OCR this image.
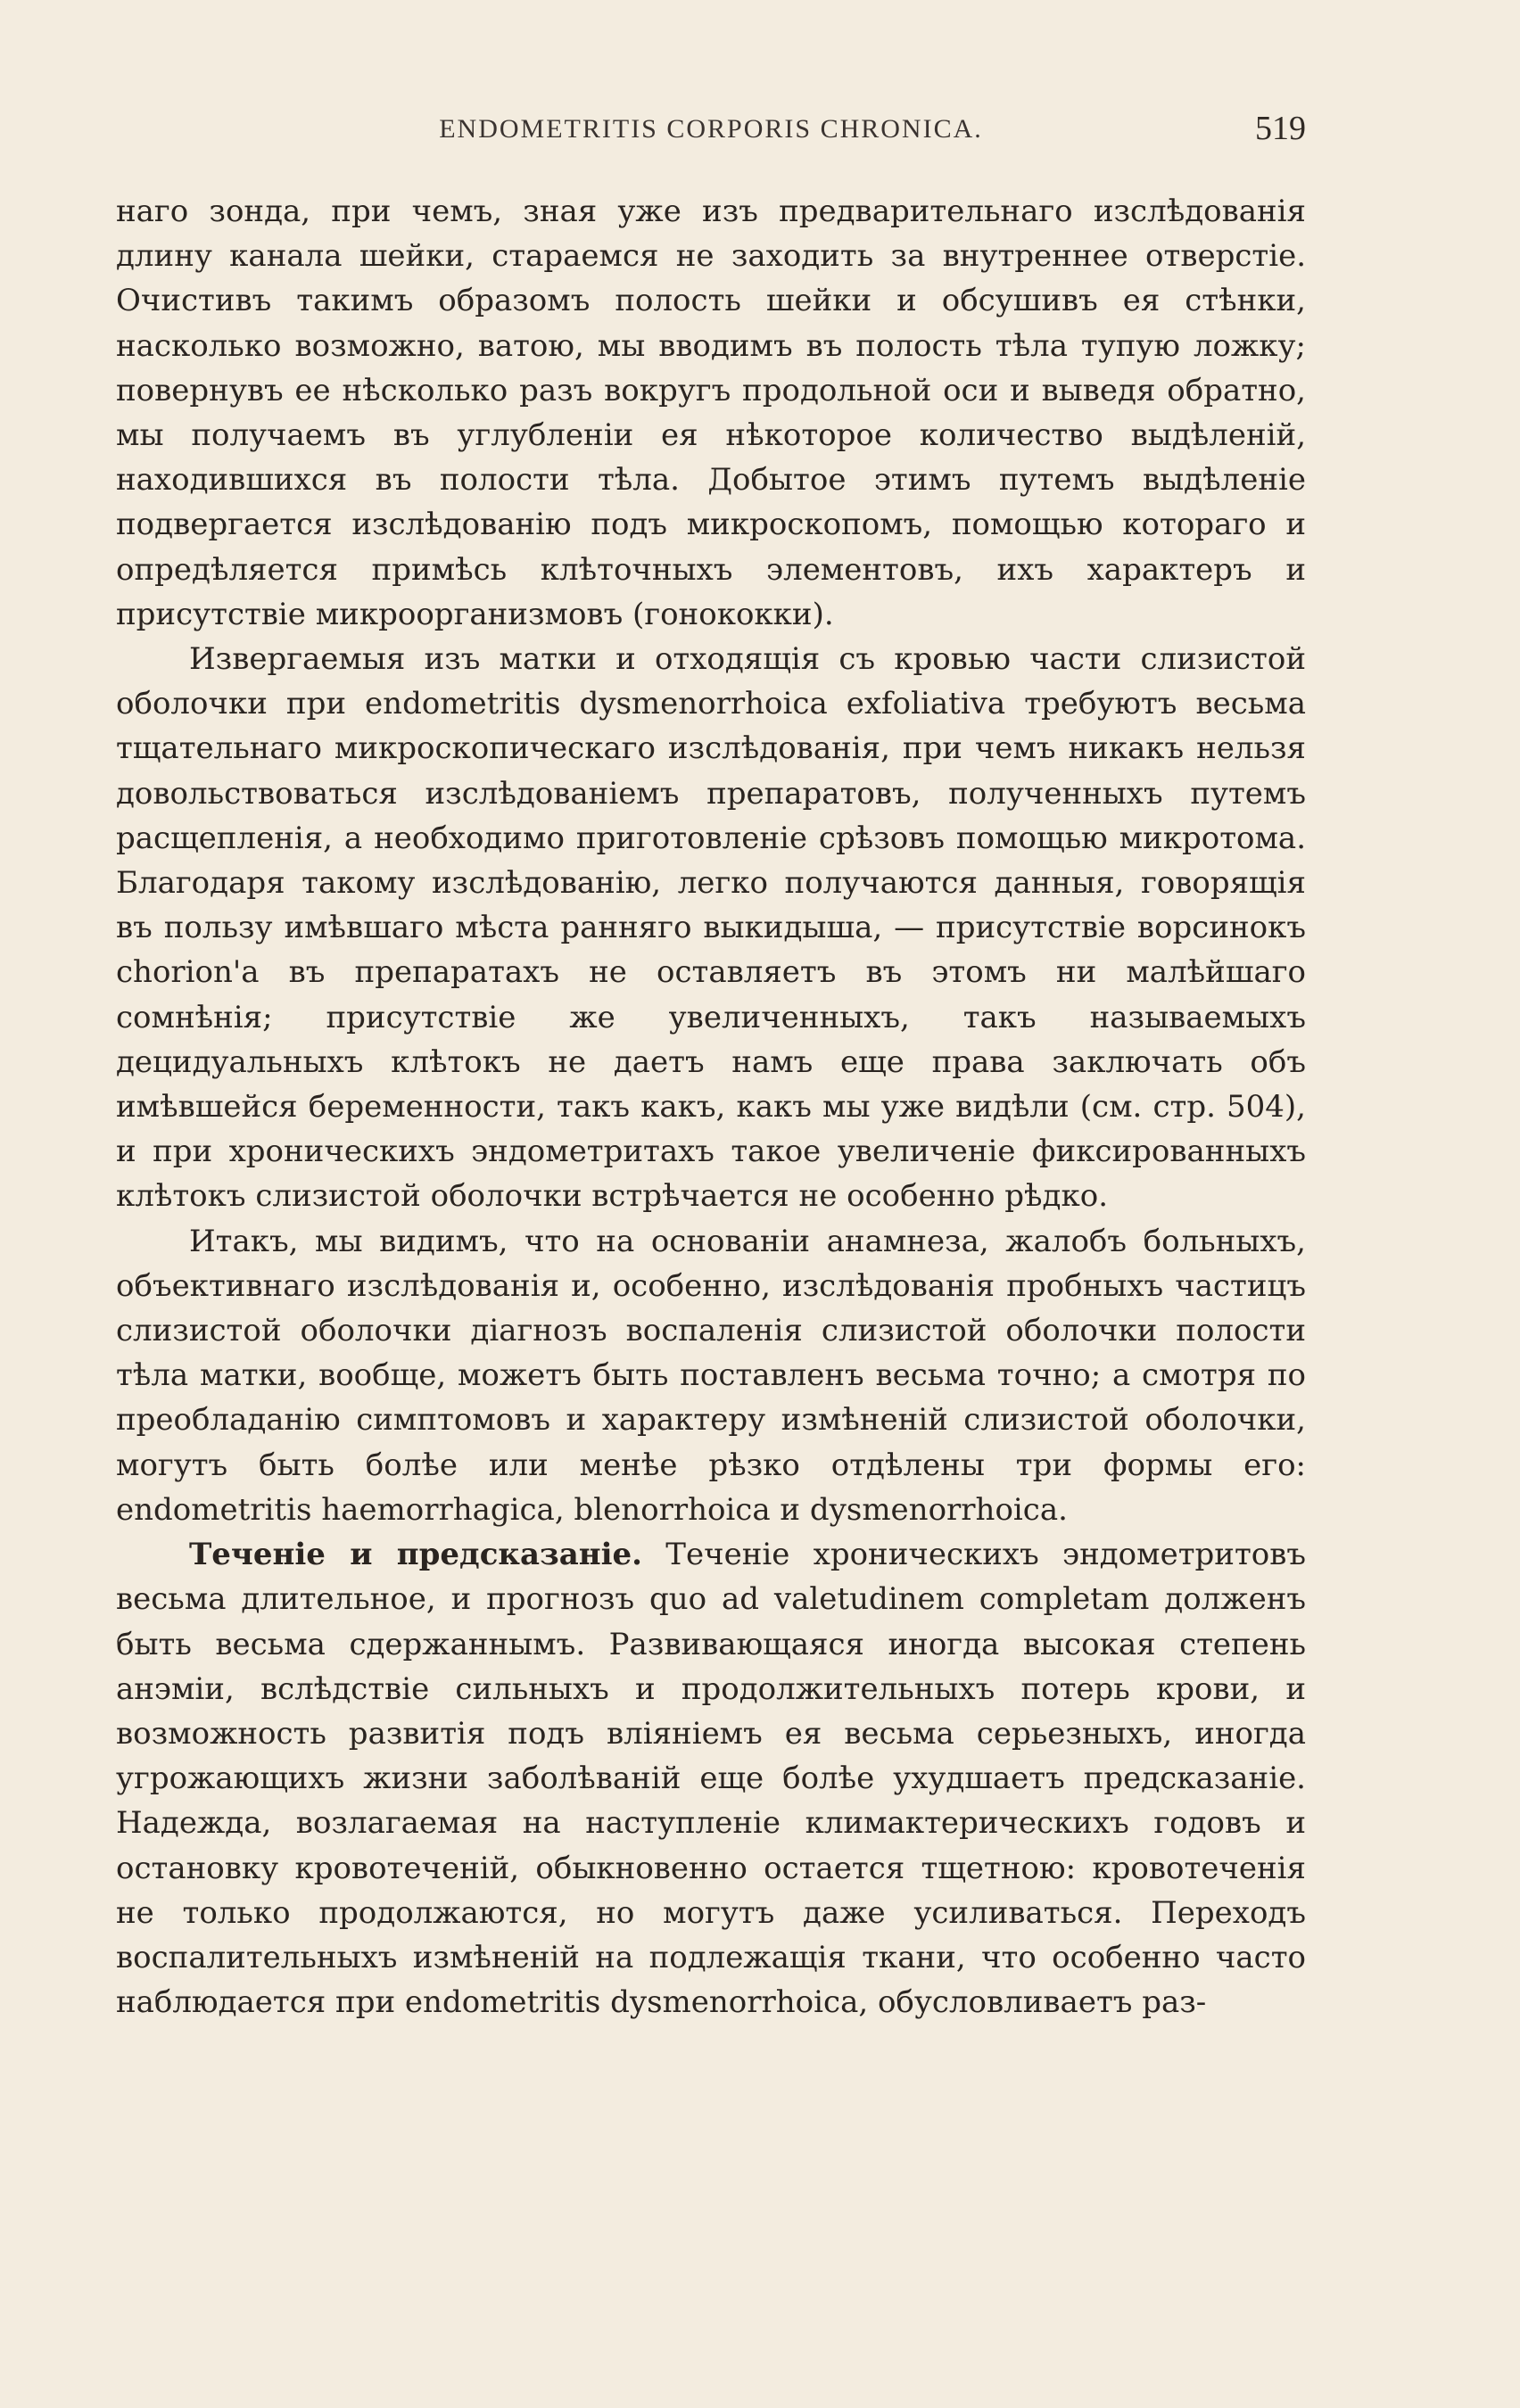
ENDOMETRITIS CORPORIS CHRONICA.	519

наго зонда, при чемъ, зная уже изъ предварительнаго изслѣдованія длину канала шейки, стараемся не заходить за внутреннее отверстіе. Очистивъ такимъ образомъ полость шейки и обсушивъ ея стѣнки, насколько возможно, ватою, мы вводимъ въ полость тѣла тупую ложку; повернувъ ее нѣсколько разъ вокругъ продольной оси и выведя обратно, мы получаемъ въ углубленіи ея нѣкоторое количество выдѣленій, находившихся въ полости тѣла. Добытое этимъ путемъ выдѣленіе подвергается изслѣдованію подъ микроскопомъ, помощью котораго и опредѣляется примѣсь клѣточныхъ элементовъ, ихъ характеръ и присутствіе микроорганизмовъ (гонококки).

Извергаемыя изъ матки и отходящія съ кровью части слизистой оболочки при endometritis dysmenorrhoica exfoliativa требуютъ весьма тщательнаго микроскопическаго изслѣдованія, при чемъ никакъ нельзя довольствоваться изслѣдованіемъ препаратовъ, полученныхъ путемъ расщепленія, а необходимо приготовленіе срѣзовъ помощью микротома. Благодаря такому изслѣдованію, легко получаются данныя, говорящія въ пользу имѣвшаго мѣста ранняго выкидыша, — присутствіе ворсинокъ chorion'а въ препаратахъ не оставляетъ въ этомъ ни малѣйшаго сомнѣнія; присутствіе же увеличенныхъ, такъ называемыхъ децидуальныхъ клѣтокъ не даетъ намъ еще права заключать объ имѣвшейся беременности, такъ какъ, какъ мы уже видѣли (см. стр. 504), и при хроническихъ эндометритахъ такое увеличеніе фиксированныхъ клѣтокъ слизистой оболочки встрѣчается не особенно рѣдко.

Итакъ, мы видимъ, что на основаніи анамнеза, жалобъ больныхъ, объективнаго изслѣдованія и, особенно, изслѣдованія пробныхъ частицъ слизистой оболочки діагнозъ воспаленія слизистой оболочки полости тѣла матки, вообще, можетъ быть поставленъ весьма точно; а смотря по преобладанію симптомовъ и характеру измѣненій слизистой оболочки, могутъ быть болѣе или менѣе рѣзко отдѣлены три формы его: endometritis haemorrhagica, blenorrhoica и dysmenorrhoica.

Теченіе и предсказаніе. Теченіе хроническихъ эндометритовъ весьма длительное, и прогнозъ quo ad valetudinem completam долженъ быть весьма сдержаннымъ. Развивающаяся иногда высокая степень анэміи, вслѣдствіе сильныхъ и продолжительныхъ потерь крови, и возможность развитія подъ вліяніемъ ея весьма серьезныхъ, иногда угрожающихъ жизни заболѣваній еще болѣе ухудшаетъ предсказаніе. Надежда, возлагаемая на наступленіе климактерическихъ годовъ и остановку кровотеченій, обыкновенно остается тщетною: кровотеченія не только продолжаются, но могутъ даже усиливаться. Переходъ воспалительныхъ измѣненій на подлежащія ткани, что особенно часто наблюдается при endometritis dysmenorrhoica, обусловливаетъ раз-
